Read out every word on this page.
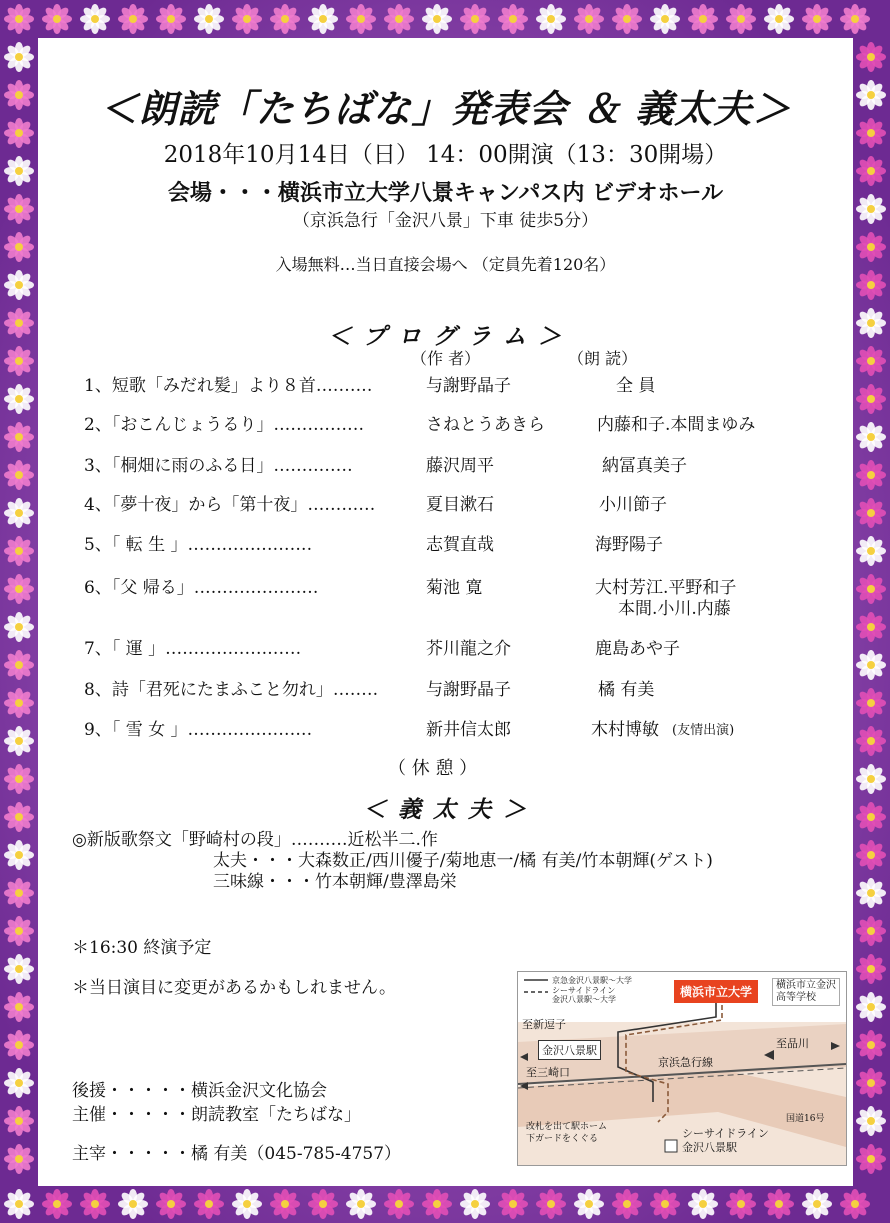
＜朗読「たちばな」発表会 ＆ 義太夫＞
2018年10月14日（日） 14：00開演（13：30開場）
会場・・・横浜市立大学八景キャンパス内 ビデオホール
（京浜急行「金沢八景」下車 徒歩5分）
入場無料…当日直接会場へ （定員先着120名）
＜ プ ロ グ ラ ム ＞
（作 者）	（朗 読）
1、短歌「みだれ髪」より８首‥‥‥‥‥	与謝野晶子	全 員
2、「おこんじょうるり」‥‥‥‥‥‥‥‥	さねとうあきら	内藤和子.本間まゆみ
3、「桐畑に雨のふる日」‥‥‥‥‥‥‥	藤沢周平	納冨真美子
4、「夢十夜」から「第十夜」‥‥‥‥‥‥	夏目漱石	小川節子
5、「 転 生 」‥‥‥‥‥‥‥‥‥‥‥	志賀直哉	海野陽子
6、「父 帰る」‥‥‥‥‥‥‥‥‥‥‥	菊池 寛	大村芳江.平野和子
本間.小川.内藤
7、「 運 」‥‥‥‥‥‥‥‥‥‥‥‥	芥川龍之介	鹿島あや子
8、詩「君死にたまふこと勿れ」‥‥‥‥	与謝野晶子	橘 有美
9、「 雪 女 」‥‥‥‥‥‥‥‥‥‥‥	新井信太郎	木村博敏 (友情出演)
（ 休 憩 ）
＜ 義 太 夫 ＞
◎新版歌祭文「野崎村の段」‥‥‥‥‥近松半二.作
太夫・・・大森数正/西川優子/菊地恵一/橘 有美/竹本朝輝(ゲスト)
三味線・・・竹本朝輝/豊澤島栄
＊16:30 終演予定
＊当日演目に変更があるかもしれません。
後援・・・・・横浜金沢文化協会
主催・・・・・朗読教室「たちばな」
主宰・・・・・橘 有美（045-785-4757）
京急金沢八景駅～大学
シーサイドライン
金沢八景駅～大学
横浜市立大学	横浜市立金沢
高等学校
至新逗子
至品川
金沢八景駅
至三崎口
京浜急行線
国道16号
改札を出て駅ホーム
下ガードをくぐる	シーサイドライン
金沢八景駅
